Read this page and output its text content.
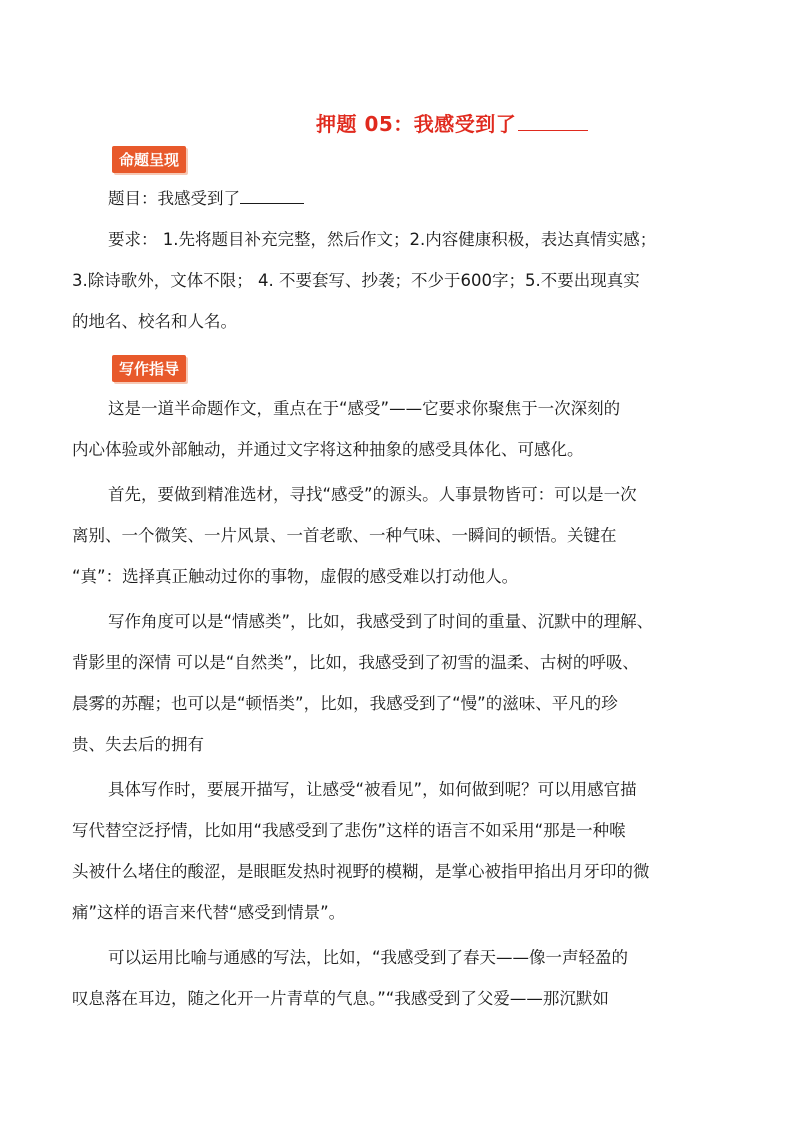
押题 05：我感受到了
命题呈现
题目：我感受到了
要求： 1.先将题目补充完整，然后作文；2.内容健康积极，表达真情实感；
3.除诗歌外，文体不限； 4. 不要套写、抄袭；不少于600字；5.不要出现真实
的地名、校名和人名。
写作指导
这是一道半命题作文，重点在于“感受”——它要求你聚焦于一次深刻的
内心体验或外部触动，并通过文字将这种抽象的感受具体化、可感化。
首先，要做到精准选材，寻找“感受”的源头。人事景物皆可：可以是一次
离别、一个微笑、一片风景、一首老歌、一种气味、一瞬间的顿悟。关键在
“真”：选择真正触动过你的事物，虚假的感受难以打动他人。
写作角度可以是“情感类”，比如，我感受到了时间的重量、沉默中的理解、
背影里的深情 可以是“自然类”，比如，我感受到了初雪的温柔、古树的呼吸、
晨雾的苏醒；也可以是“顿悟类”，比如，我感受到了“慢”的滋味、平凡的珍
贵、失去后的拥有
具体写作时，要展开描写，让感受“被看见”，如何做到呢？可以用感官描
写代替空泛抒情，比如用“我感受到了悲伤”这样的语言不如采用“那是一种喉
头被什么堵住的酸涩，是眼眶发热时视野的模糊，是掌心被指甲掐出月牙印的微
痛”这样的语言来代替“感受到情景”。
可以运用比喻与通感的写法，比如，“我感受到了春天——像一声轻盈的
叹息落在耳边，随之化开一片青草的气息。”“我感受到了父爱——那沉默如
